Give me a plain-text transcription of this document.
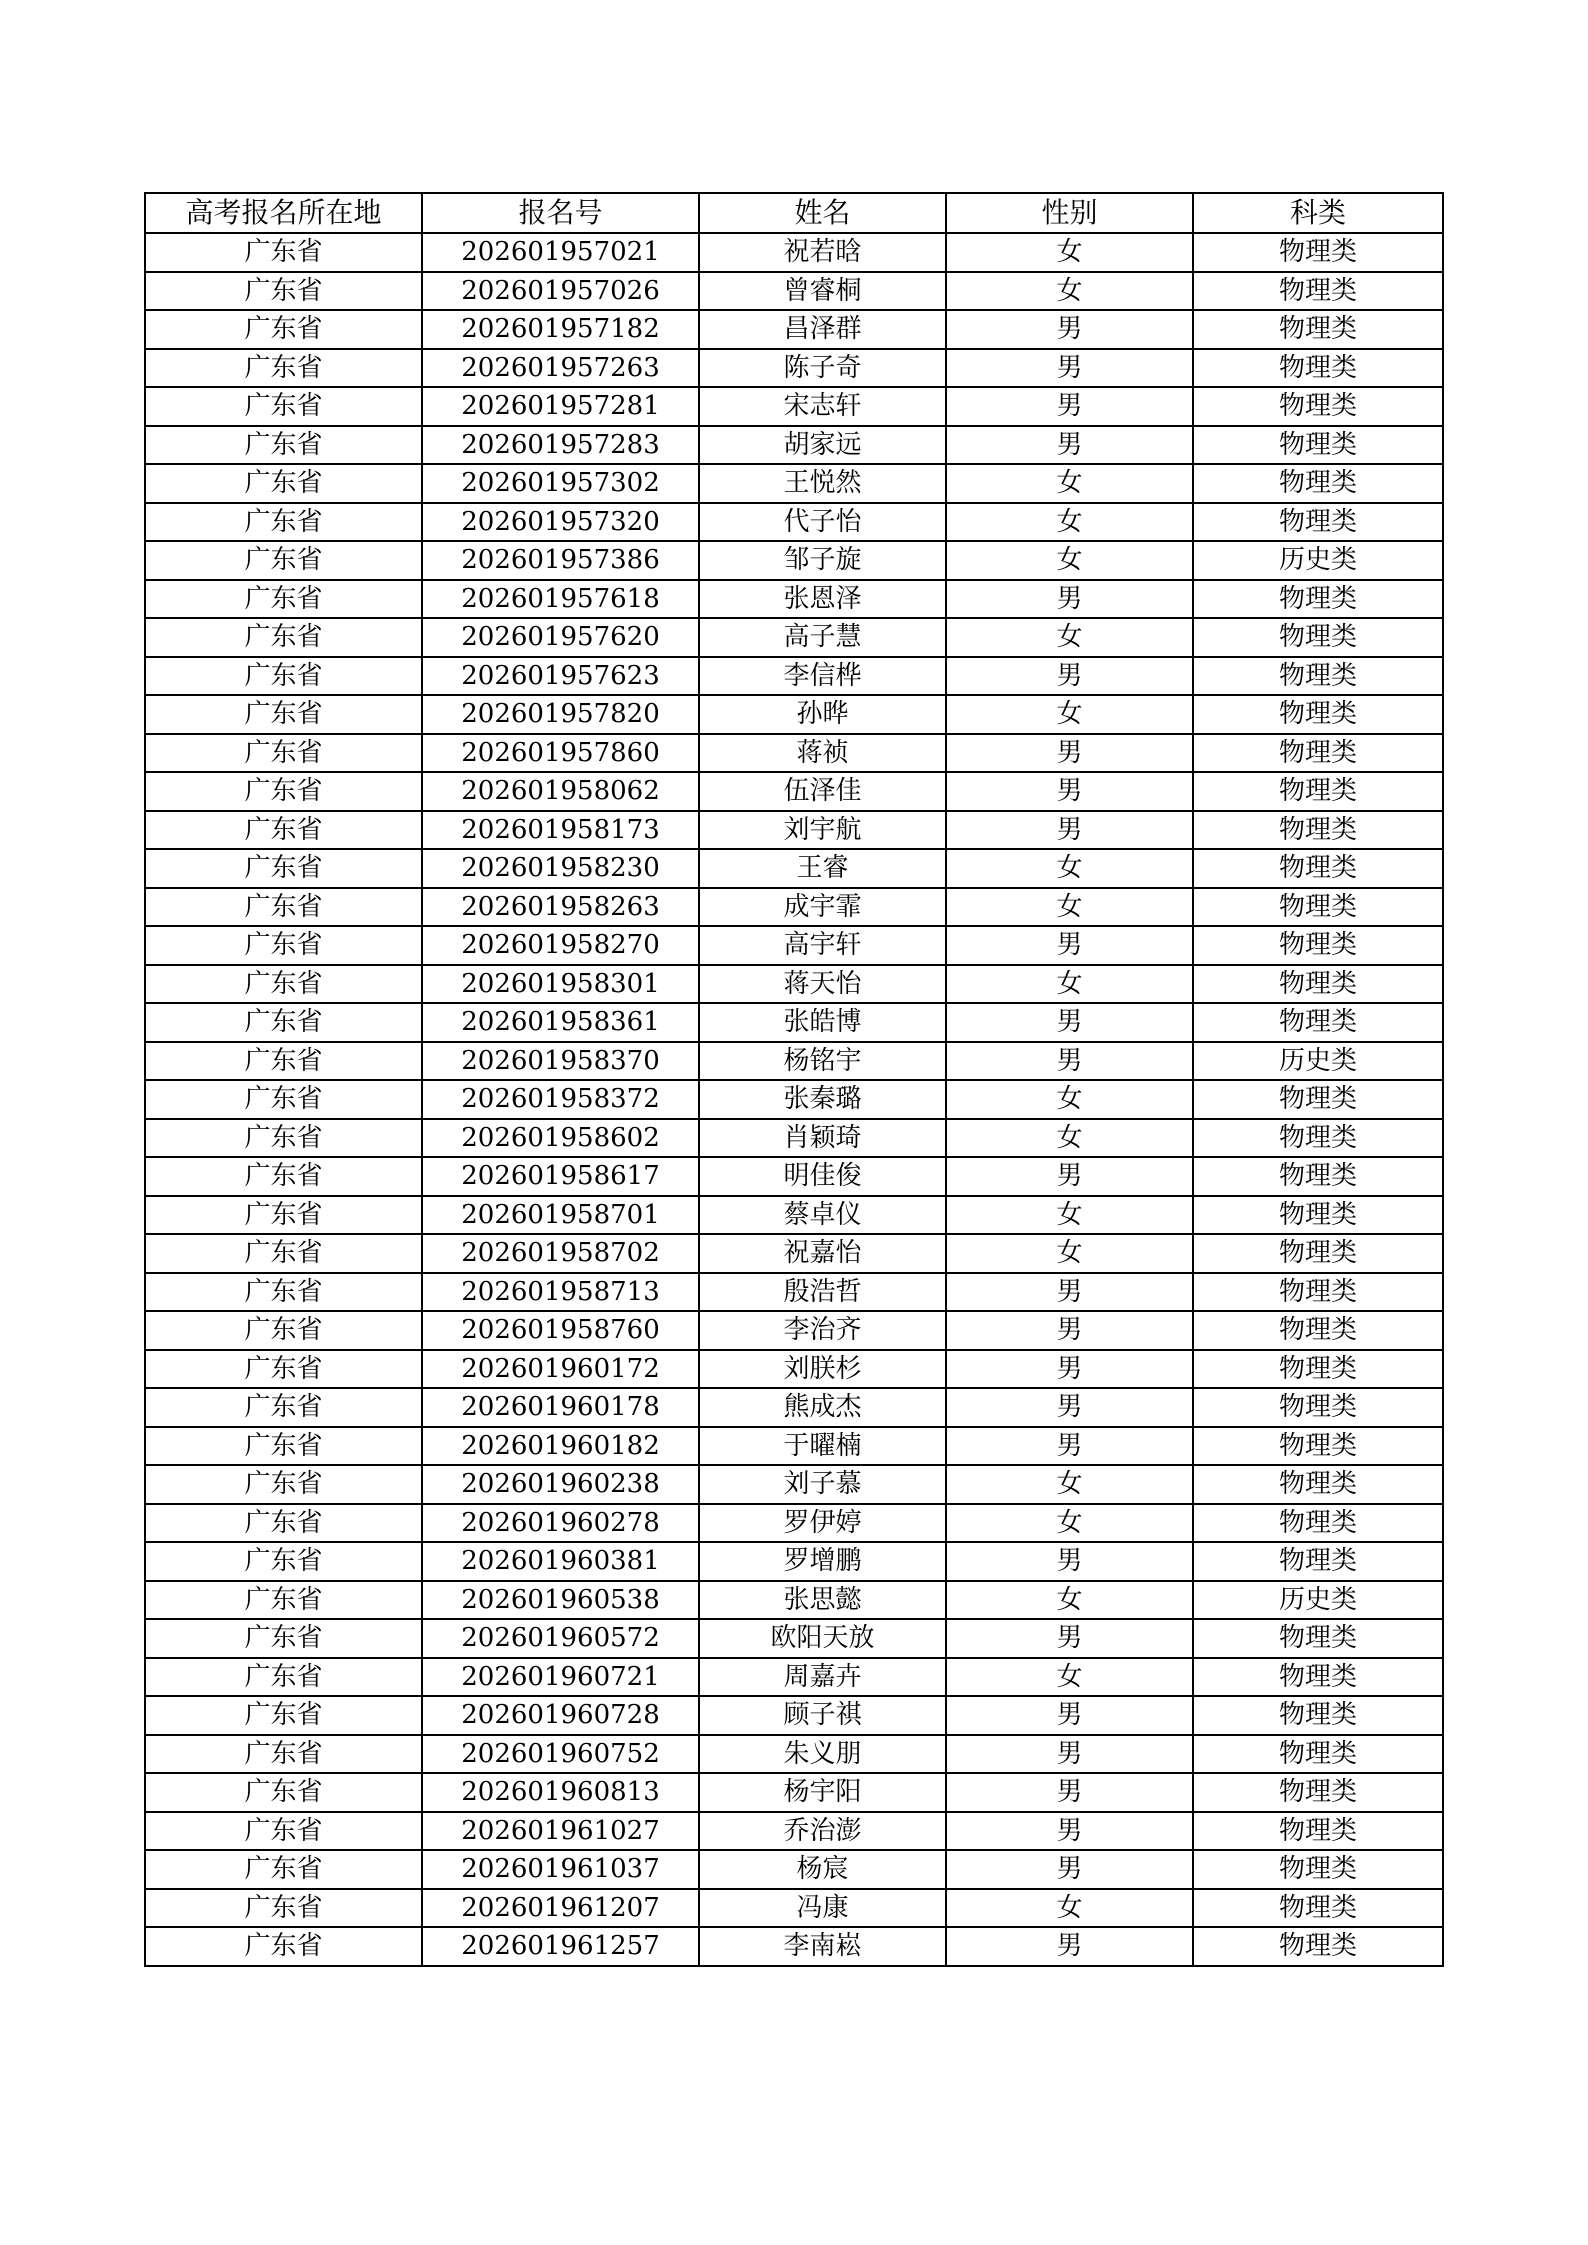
高考报名所在地	报名号	姓名	性别	科类
广东省	202601957021	祝若晗	女	物理类
广东省	202601957026	曾睿桐	女	物理类
广东省	202601957182	昌泽群	男	物理类
广东省	202601957263	陈子奇	男	物理类
广东省	202601957281	宋志轩	男	物理类
广东省	202601957283	胡家远	男	物理类
广东省	202601957302	王悦然	女	物理类
广东省	202601957320	代子怡	女	物理类
广东省	202601957386	邹子旋	女	历史类
广东省	202601957618	张恩泽	男	物理类
广东省	202601957620	高子慧	女	物理类
广东省	202601957623	李信桦	男	物理类
广东省	202601957820	孙晔	女	物理类
广东省	202601957860	蒋祯	男	物理类
广东省	202601958062	伍泽佳	男	物理类
广东省	202601958173	刘宇航	男	物理类
广东省	202601958230	王睿	女	物理类
广东省	202601958263	成宇霏	女	物理类
广东省	202601958270	高宇轩	男	物理类
广东省	202601958301	蒋天怡	女	物理类
广东省	202601958361	张皓博	男	物理类
广东省	202601958370	杨铭宇	男	历史类
广东省	202601958372	张秦璐	女	物理类
广东省	202601958602	肖颖琦	女	物理类
广东省	202601958617	明佳俊	男	物理类
广东省	202601958701	蔡卓仪	女	物理类
广东省	202601958702	祝嘉怡	女	物理类
广东省	202601958713	殷浩哲	男	物理类
广东省	202601958760	李治齐	男	物理类
广东省	202601960172	刘朕杉	男	物理类
广东省	202601960178	熊成杰	男	物理类
广东省	202601960182	于曜楠	男	物理类
广东省	202601960238	刘子慕	女	物理类
广东省	202601960278	罗伊婷	女	物理类
广东省	202601960381	罗增鹏	男	物理类
广东省	202601960538	张思懿	女	历史类
广东省	202601960572	欧阳天放	男	物理类
广东省	202601960721	周嘉卉	女	物理类
广东省	202601960728	顾子祺	男	物理类
广东省	202601960752	朱义朋	男	物理类
广东省	202601960813	杨宇阳	男	物理类
广东省	202601961027	乔治澎	男	物理类
广东省	202601961037	杨宸	男	物理类
广东省	202601961207	冯康	女	物理类
广东省	202601961257	李南崧	男	物理类
